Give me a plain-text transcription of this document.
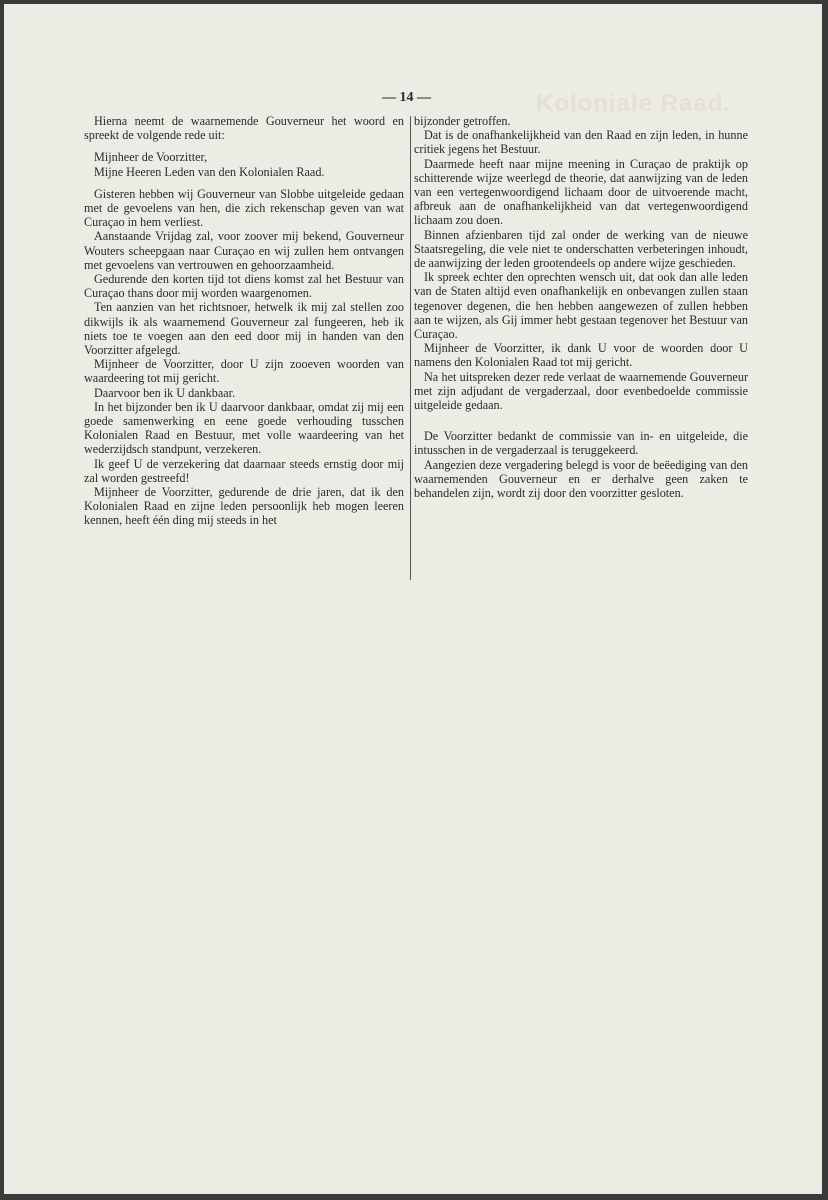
Koloniale Raad.
— 14 —

Hierna neemt de waarnemende Gouverneur het woord en spreekt de volgende rede uit:

Mijnheer de Voorzitter,

Mijne Heeren Leden van den Kolonialen Raad.

Gisteren hebben wij Gouverneur van Slobbe uitgeleide gedaan met de gevoelens van hen, die zich rekenschap geven van wat Curaçao in hem verliest.

Aanstaande Vrijdag zal, voor zoover mij bekend, Gouverneur Wouters scheepgaan naar Curaçao en wij zullen hem ontvangen met gevoelens van vertrouwen en gehoorzaamheid.

Gedurende den korten tijd tot diens komst zal het Bestuur van Curaçao thans door mij worden waargenomen.

Ten aanzien van het richtsnoer, hetwelk ik mij zal stellen zoo dikwijls ik als waarnemend Gouverneur zal fungeeren, heb ik niets toe te voegen aan den eed door mij in handen van den Voorzitter afgelegd.

Mijnheer de Voorzitter, door U zijn zooeven woorden van waardeering tot mij gericht.

Daarvoor ben ik U dankbaar.

In het bijzonder ben ik U daarvoor dankbaar, omdat zij mij een goede samenwerking en eene goede verhouding tusschen Kolonialen Raad en Bestuur, met volle waardeering van het wederzijdsch standpunt, verzekeren.

Ik geef U de verzekering dat daarnaar steeds ernstig door mij zal worden gestreefd!

Mijnheer de Voorzitter, gedurende de drie jaren, dat ik den Kolonialen Raad en zijne leden persoonlijk heb mogen leeren kennen, heeft één ding mij steeds in het

bijzonder getroffen.

Dat is de onafhankelijkheid van den Raad en zijn leden, in hunne critiek jegens het Bestuur.

Daarmede heeft naar mijne meening in Curaçao de praktijk op schitterende wijze weerlegd de theorie, dat aanwijzing van de leden van een vertegenwoordigend lichaam door de uitvoerende macht, afbreuk aan de onafhankelijkheid van dat vertegenwoordigend lichaam zou doen.

Binnen afzienbaren tijd zal onder de werking van de nieuwe Staatsregeling, die vele niet te onderschatten verbeteringen inhoudt, de aanwijzing der leden grootendeels op andere wijze geschieden.

Ik spreek echter den oprechten wensch uit, dat ook dan alle leden van de Staten altijd even onafhankelijk en onbevangen zullen staan tegenover degenen, die hen hebben aangewezen of zullen hebben aan te wijzen, als Gij immer hebt gestaan tegenover het Bestuur van Curaçao.

Mijnheer de Voorzitter, ik dank U voor de woorden door U namens den Kolonialen Raad tot mij gericht.

Na het uitspreken dezer rede verlaat de waarnemende Gouverneur met zijn adjudant de vergaderzaal, door evenbedoelde commissie uitgeleide gedaan.

De Voorzitter bedankt de commissie van in- en uitgeleide, die intusschen in de vergaderzaal is teruggekeerd.

Aangezien deze vergadering belegd is voor de beëediging van den waarnemenden Gouverneur en er derhalve geen zaken te behandelen zijn, wordt zij door den voorzitter gesloten.
